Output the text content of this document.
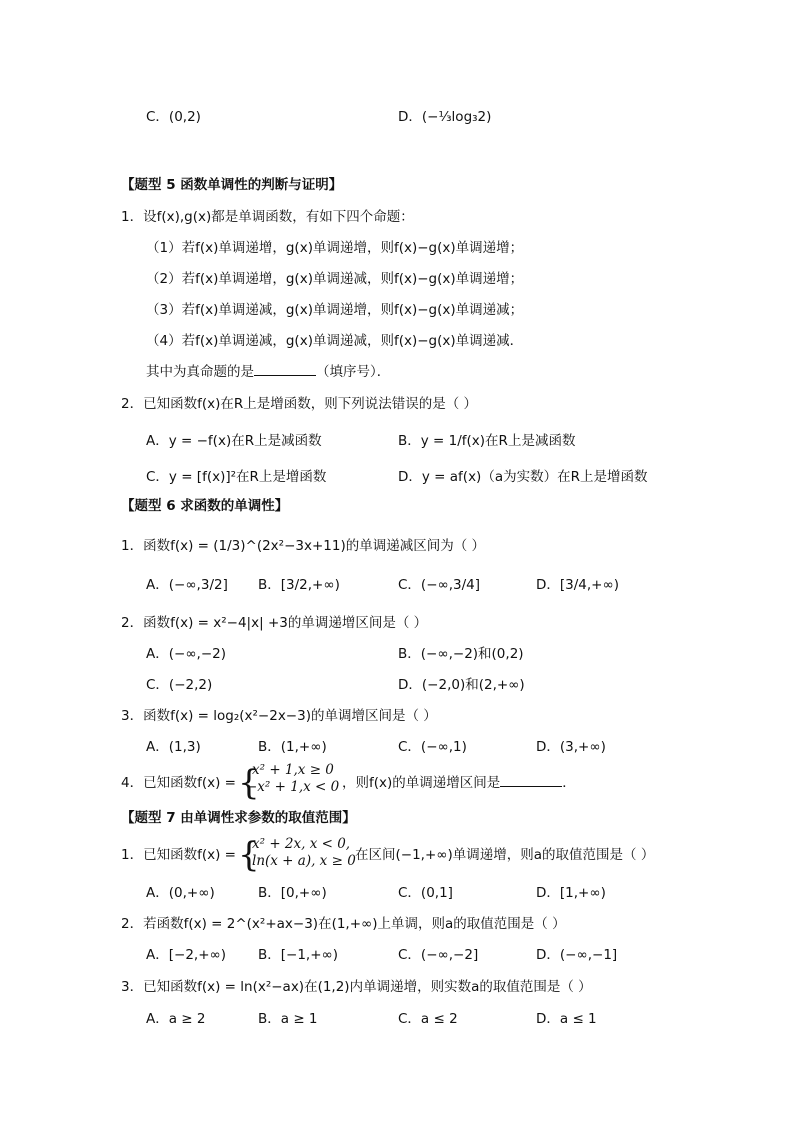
C．(0,2)	D．(−⅓log₃2)
【题型 5 函数单调性的判断与证明】
1．设f(x),g(x)都是单调函数，有如下四个命题：
（1）若f(x)单调递增，g(x)单调递增，则f(x)−g(x)单调递增；
（2）若f(x)单调递增，g(x)单调递减，则f(x)−g(x)单调递增；
（3）若f(x)单调递减，g(x)单调递增，则f(x)−g(x)单调递减；
（4）若f(x)单调递减，g(x)单调递减，则f(x)−g(x)单调递减．
其中为真命题的是	（填序号）．
2．已知函数f(x)在R上是增函数，则下列说法错误的是（ ）
A．y = −f(x)在R上是减函数	B．y = 1/f(x)在R上是减函数
C．y = [f(x)]²在R上是增函数	D．y = af(x)（a为实数）在R上是增函数
【题型 6 求函数的单调性】
1．函数f(x) = (1/3)^(2x²−3x+11)的单调递减区间为（ ）
A．(−∞,3/2] B．[3/2,+∞)	C．(−∞,3/4]	D．[3/4,+∞)
2．函数f(x) = x²−4|x| +3的单调递增区间是（ ）
A．(−∞,−2)	B．(−∞,−2)和(0,2)
C．(−2,2)	D．(−2,0)和(2,+∞)
3．函数f(x) = log₂(x²−2x−3)的单调增区间是（ ）
A．(1,3)	B．(1,+∞)	C．(−∞,1)	D．(3,+∞)
4．已知函数f(x) = {
x² + 1,x ≥ 0
−x² + 1,x < 0 ，则f(x)的单调递增区间是	．
【题型 7 由单调性求参数的取值范围】
1．已知函数f(x) = {
x² + 2x, x < 0,
ln(x + a), x ≥ 0 在区间(−1,+∞)单调递增，则a的取值范围是（ ）
A．(0,+∞)	B．[0,+∞)	C．(0,1]	D．[1,+∞)
2．若函数f(x) = 2^(x²+ax−3)在(1,+∞)上单调，则a的取值范围是（ ）
A．[−2,+∞) B．[−1,+∞)	C．(−∞,−2]	D．(−∞,−1]
3．已知函数f(x) = ln(x²−ax)在(1,2)内单调递增，则实数a的取值范围是（ ）
A．a ≥ 2	B．a ≥ 1	C．a ≤ 2	D．a ≤ 1
